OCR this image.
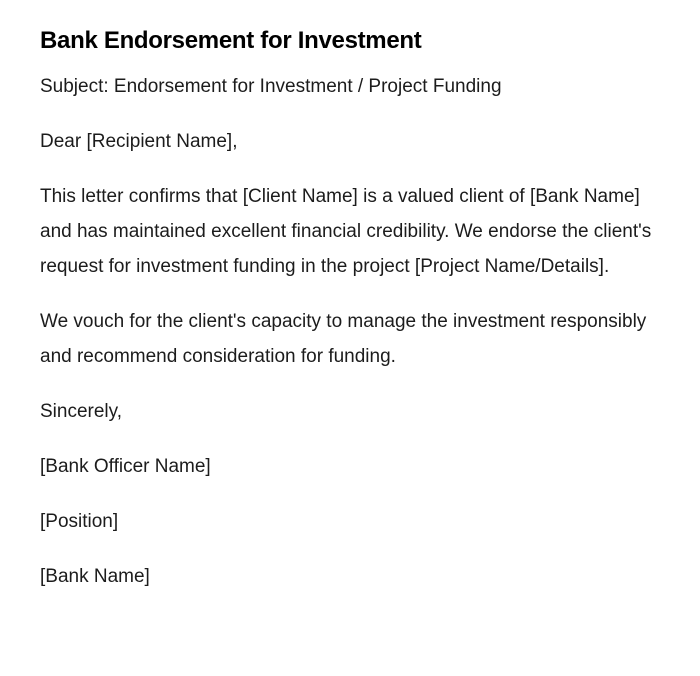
Bank Endorsement for Investment

Subject: Endorsement for Investment / Project Funding

Dear [Recipient Name],

This letter confirms that [Client Name] is a valued client of [Bank Name] and has maintained excellent financial credibility. We endorse the client's request for investment funding in the project [Project Name/Details].

We vouch for the client's capacity to manage the investment responsibly and recommend consideration for funding.

Sincerely,

[Bank Officer Name]

[Position]

[Bank Name]
